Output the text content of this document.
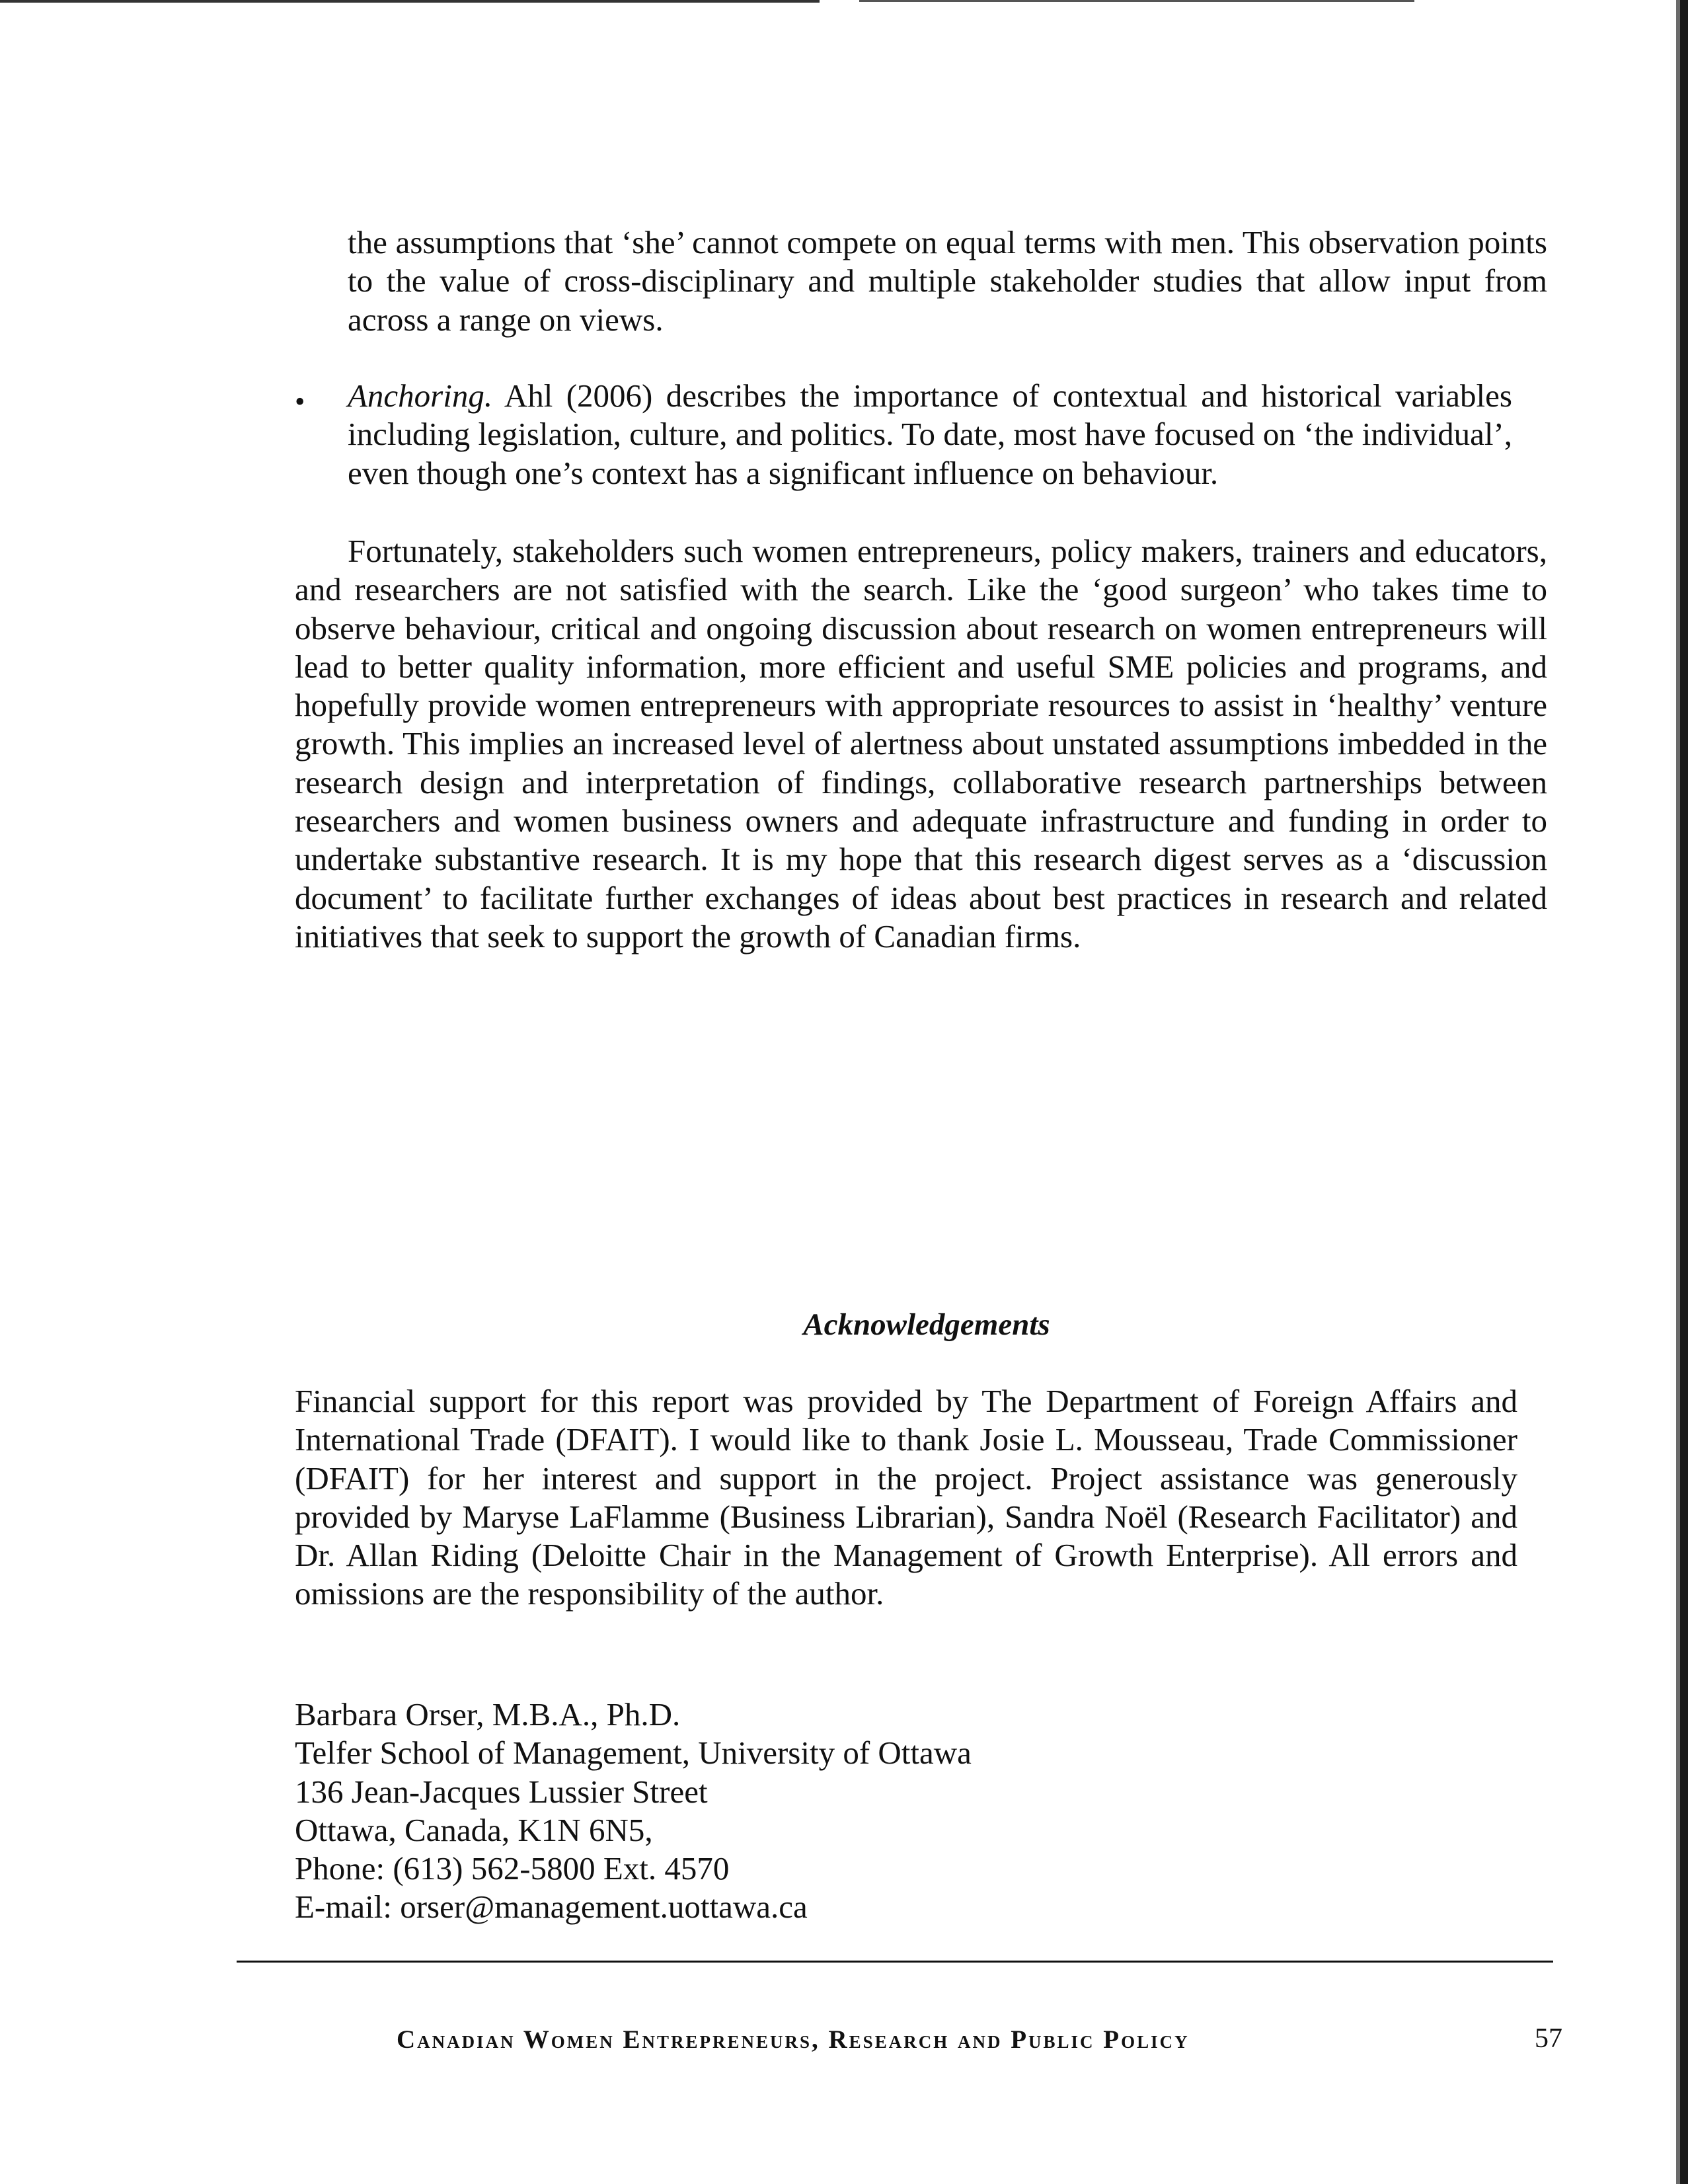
the assumptions that ‘she’ cannot compete on equal terms with men. This observation points to the value of cross-disciplinary and multiple stakeholder studies that allow input from across a range on views.

• Anchoring. Ahl (2006) describes the importance of contextual and historical variables including legislation, culture, and politics. To date, most have focused on ‘the individual’, even though one’s context has a significant influence on behaviour.

Fortunately, stakeholders such women entrepreneurs, policy makers, trainers and educators, and researchers are not satisfied with the search. Like the ‘good surgeon’ who takes time to observe behaviour, critical and ongoing discussion about research on women entrepreneurs will lead to better quality information, more efficient and useful SME policies and programs, and hopefully provide women entrepreneurs with appropriate resources to assist in ‘healthy’ venture growth. This implies an increased level of alertness about unstated assumptions imbedded in the research design and interpretation of findings, collaborative research partnerships between researchers and women business owners and adequate infrastructure and funding in order to undertake substantive research. It is my hope that this research digest serves as a ‘discussion document’ to facilitate further exchanges of ideas about best practices in research and related initiatives that seek to support the growth of Canadian firms.

Acknowledgements

Financial support for this report was provided by The Department of Foreign Affairs and International Trade (DFAIT). I would like to thank Josie L. Mousseau, Trade Commissioner (DFAIT) for her interest and support in the project. Project assistance was generously provided by Maryse LaFlamme (Business Librarian), Sandra Noël (Research Facilitator) and Dr. Allan Riding (Deloitte Chair in the Management of Growth Enterprise). All errors and omissions are the responsibility of the author.

Barbara Orser, M.B.A., Ph.D.
Telfer School of Management, University of Ottawa
136 Jean-Jacques Lussier Street
Ottawa, Canada, K1N 6N5,
Phone: (613) 562-5800 Ext. 4570
E-mail: orser@management.uottawa.ca
Canadian Women Entrepreneurs, Research and Public Policy	57
